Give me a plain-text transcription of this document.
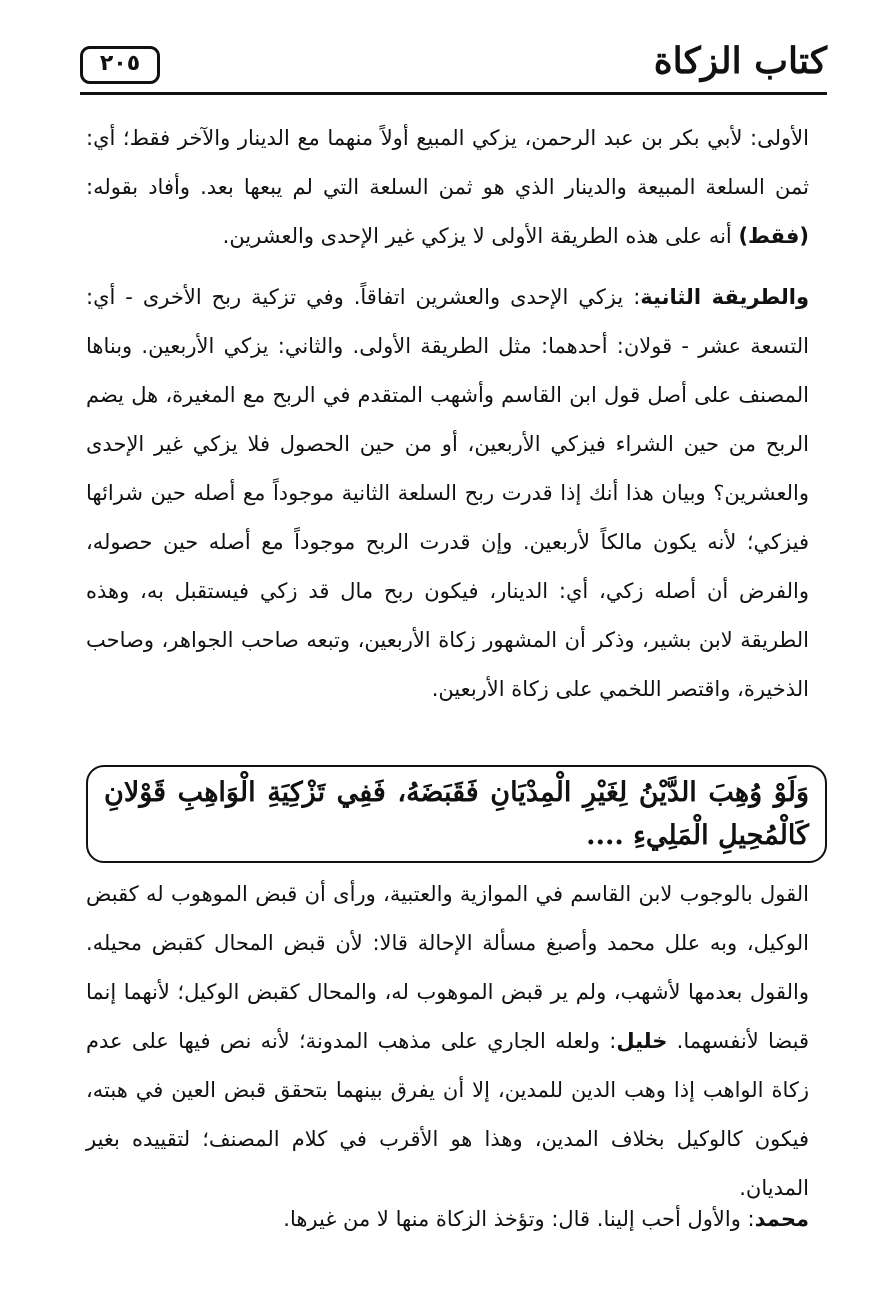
كتاب الزكاة
٢٠٥

الأولى: لأبي بكر بن عبد الرحمن، يزكي المبيع أولاً منهما مع الدينار والآخر فقط؛ أي: ثمن السلعة المبيعة والدينار الذي هو ثمن السلعة التي لم يبعها بعد. وأفاد بقوله: (فقط) أنه على هذه الطريقة الأولى لا يزكي غير الإحدى والعشرين.

والطريقة الثانية: يزكي الإحدى والعشرين اتفاقاً. وفي تزكية ربح الأخرى - أي: التسعة عشر - قولان: أحدهما: مثل الطريقة الأولى. والثاني: يزكي الأربعين. وبناها المصنف على أصل قول ابن القاسم وأشهب المتقدم في الربح مع المغيرة، هل يضم الربح من حين الشراء فيزكي الأربعين، أو من حين الحصول فلا يزكي غير الإحدى والعشرين؟ وبيان هذا أنك إذا قدرت ربح السلعة الثانية موجوداً مع أصله حين شرائها فيزكي؛ لأنه يكون مالكاً لأربعين. وإن قدرت الربح موجوداً مع أصله حين حصوله، والفرض أن أصله زكي، أي: الدينار، فيكون ربح مال قد زكي فيستقبل به، وهذه الطريقة لابن بشير، وذكر أن المشهور زكاة الأربعين، وتبعه صاحب الجواهر، وصاحب الذخيرة، واقتصر اللخمي على زكاة الأربعين.

وَلَوْ وُهِبَ الدَّيْنُ لِغَيْرِ الْمِدْيَانِ فَقَبَضَهُ، فَفِي تَزْكِيَةِ الْوَاهِبِ قَوْلانِ كَالْمُحِيلِ الْمَلِيءِ ....

القول بالوجوب لابن القاسم في الموازية والعتبية، ورأى أن قبض الموهوب له كقبض الوكيل، وبه علل محمد وأصبغ مسألة الإحالة قالا: لأن قبض المحال كقبض محيله. والقول بعدمها لأشهب، ولم ير قبض الموهوب له، والمحال كقبض الوكيل؛ لأنهما إنما قبضا لأنفسهما. خليل: ولعله الجاري على مذهب المدونة؛ لأنه نص فيها على عدم زكاة الواهب إذا وهب الدين للمدين، إلا أن يفرق بينهما بتحقق قبض العين في هبته، فيكون كالوكيل بخلاف المدين، وهذا هو الأقرب في كلام المصنف؛ لتقييده بغير المديان.

محمد: والأول أحب إلينا. قال: وتؤخذ الزكاة منها لا من غيرها.
